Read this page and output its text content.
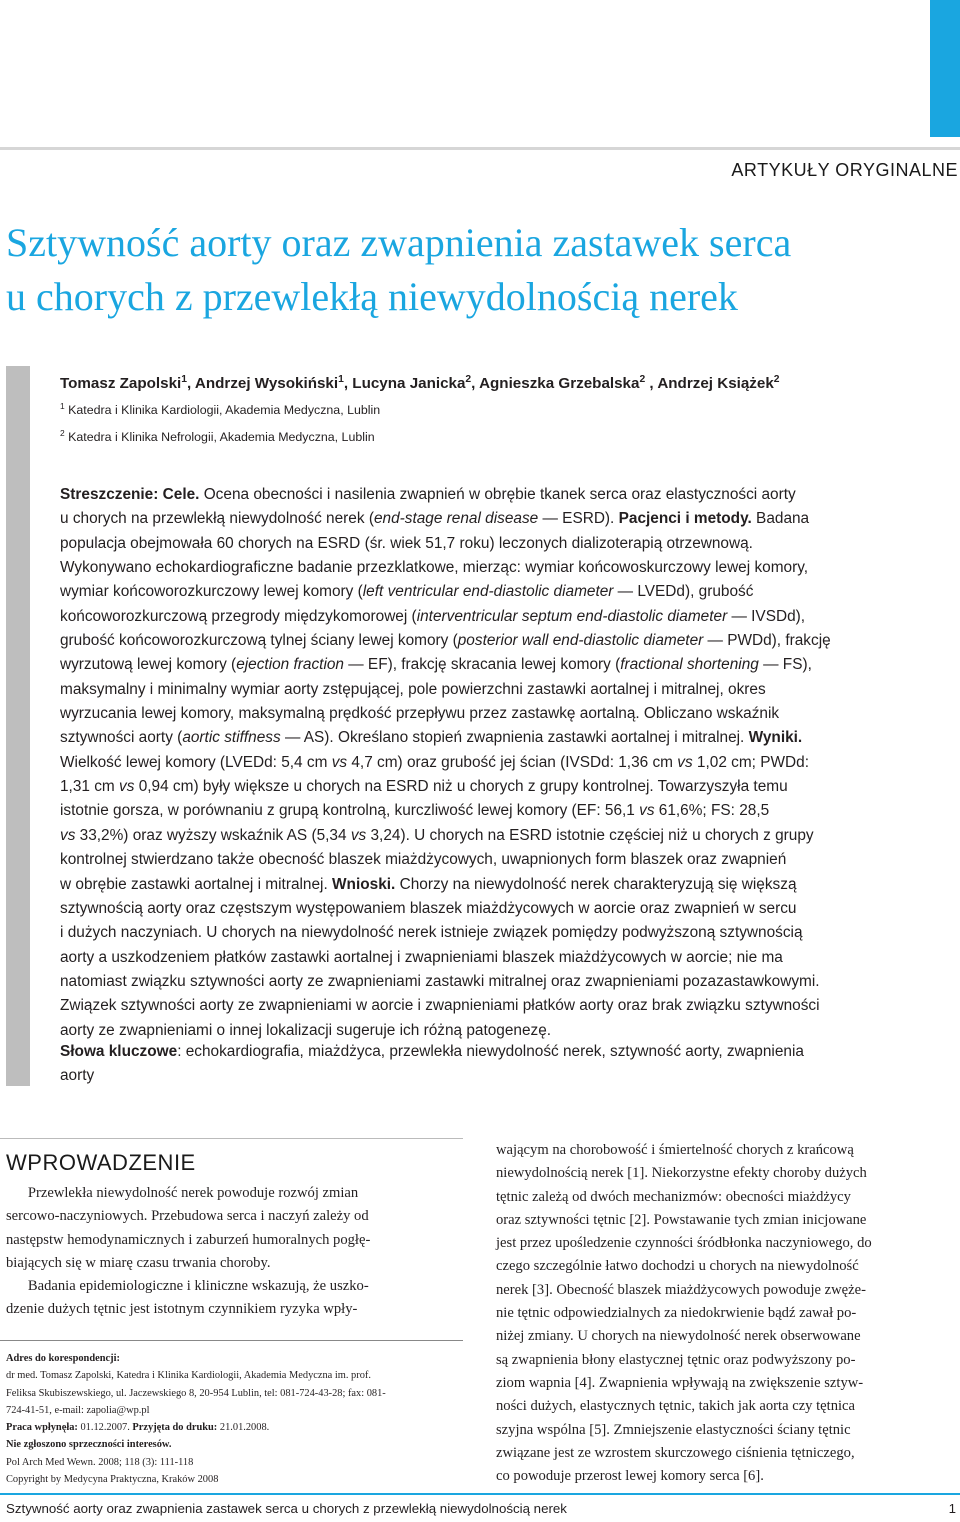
ARTYKUŁY ORYGINALNE
Sztywność aorty oraz zwapnienia zastawek serca
u chorych z przewlekłą niewydolnością nerek
Tomasz Zapolski$^1$, Andrzej Wysokiński$^1$, Lucyna Janicka$^2$, Agnieszka Grzebalska$^2$ , Andrzej Książek$^2$
$^1$ Katedra i Klinika Kardiologii, Akademia Medyczna, Lublin
$^2$ Katedra i Klinika Nefrologii, Akademia Medyczna, Lublin

Streszczenie: Cele. Ocena obecności i nasilenia zwapnień w obrębie tkanek serca oraz elastyczności aorty
u chorych na przewlekłą niewydolność nerek (end-stage renal disease — ESRD). Pacjenci i metody. Badana
populacja obejmowała 60 chorych na ESRD (śr. wiek 51,7 roku) leczonych dializoterapią otrzewnową.
Wykonywano echokardiograficzne badanie przezklatkowe, mierząc: wymiar końcowoskurczowy lewej komory,
wymiar końcoworozkurczowy lewej komory (left ventricular end-diastolic diameter — LVEDd), grubość
końcoworozkurczową przegrody międzykomorowej (interventricular septum end-diastolic diameter — IVSDd),
grubość końcoworozkurczową tylnej ściany lewej komory (posterior wall end-diastolic diameter — PWDd), frakcję
wyrzutową lewej komory (ejection fraction — EF), frakcję skracania lewej komory (fractional shortening — FS),
maksymalny i minimalny wymiar aorty zstępującej, pole powierzchni zastawki aortalnej i mitralnej, okres
wyrzucania lewej komory, maksymalną prędkość przepływu przez zastawkę aortalną. Obliczano wskaźnik
sztywności aorty (aortic stiffness — AS). Określano stopień zwapnienia zastawki aortalnej i mitralnej. Wyniki.
Wielkość lewej komory (LVEDd: 5,4 cm vs 4,7 cm) oraz grubość jej ścian (IVSDd: 1,36 cm vs 1,02 cm; PWDd:
1,31 cm vs 0,94 cm) były większe u chorych na ESRD niż u chorych z grupy kontrolnej. Towarzyszyła temu
istotnie gorsza, w porównaniu z grupą kontrolną, kurczliwość lewej komory (EF: 56,1 vs 61,6%; FS: 28,5
vs 33,2%) oraz wyższy wskaźnik AS (5,34 vs 3,24). U chorych na ESRD istotnie częściej niż u chorych z grupy
kontrolnej stwierdzano także obecność blaszek miażdżycowych, uwapnionych form blaszek oraz zwapnień
w obrębie zastawki aortalnej i mitralnej. Wnioski. Chorzy na niewydolność nerek charakteryzują się większą
sztywnością aorty oraz częstszym występowaniem blaszek miażdżycowych w aorcie oraz zwapnień w sercu
i dużych naczyniach. U chorych na niewydolność nerek istnieje związek pomiędzy podwyższoną sztywnością
aorty a uszkodzeniem płatków zastawki aortalnej i zwapnieniami blaszek miażdżycowych w aorcie; nie ma
natomiast związku sztywności aorty ze zwapnieniami zastawki mitralnej oraz zwapnieniami pozazastawkowymi.
Związek sztywności aorty ze zwapnieniami w aorcie i zwapnieniami płatków aorty oraz brak związku sztywności
aorty ze zwapnieniami o innej lokalizacji sugeruje ich różną patogenezę.

Słowa kluczowe: echokardiografia, miażdżyca, przewlekła niewydolność nerek, sztywność aorty, zwapnienia
aorty
WPROWADZENIE
Przewlekła niewydolność nerek powoduje rozwój zmian
sercowo-naczyniowych. Przebudowa serca i naczyń zależy od
następstw hemodynamicznych i zaburzeń humoralnych pogłę-
biających się w miarę czasu trwania choroby.
Badania epidemiologiczne i kliniczne wskazują, że uszko-
dzenie dużych tętnic jest istotnym czynnikiem ryzyka wpły-
wającym na chorobowość i śmiertelność chorych z krańcową
niewydolnością nerek [1]. Niekorzystne efekty choroby dużych
tętnic zależą od dwóch mechanizmów: obecności miażdżycy
oraz sztywności tętnic [2]. Powstawanie tych zmian inicjowane
jest przez upośledzenie czynności śródbłonka naczyniowego, do
czego szczególnie łatwo dochodzi u chorych na niewydolność
nerek [3]. Obecność blaszek miażdżycowych powoduje zwęże-
nie tętnic odpowiedzialnych za niedokrwienie bądź zawał po-
niżej zmiany. U chorych na niewydolność nerek obserwowane
są zwapnienia błony elastycznej tętnic oraz podwyższony po-
ziom wapnia [4]. Zwapnienia wpływają na zwiększenie sztyw-
ności dużych, elastycznych tętnic, takich jak aorta czy tętnica
szyjna wspólna [5]. Zmniejszenie elastyczności ściany tętnic
związane jest ze wzrostem skurczowego ciśnienia tętniczego,
co powoduje przerost lewej komory serca [6].
Adres do korespondencji:
dr med. Tomasz Zapolski, Katedra i Klinika Kardiologii, Akademia Medyczna im. prof.
Feliksa Skubiszewskiego, ul. Jaczewskiego 8, 20-954 Lublin, tel: 081-724-43-28; fax: 081-
724-41-51, e-mail: zapolia@wp.pl
Praca wpłynęła: 01.12.2007. Przyjęta do druku: 21.01.2008.
Nie zgłoszono sprzeczności interesów.
Pol Arch Med Wewn. 2008; 118 (3): 111-118
Copyright by Medycyna Praktyczna, Kraków 2008
Sztywność aorty oraz zwapnienia zastawek serca u chorych z przewlekłą niewydolnością nerek	1
